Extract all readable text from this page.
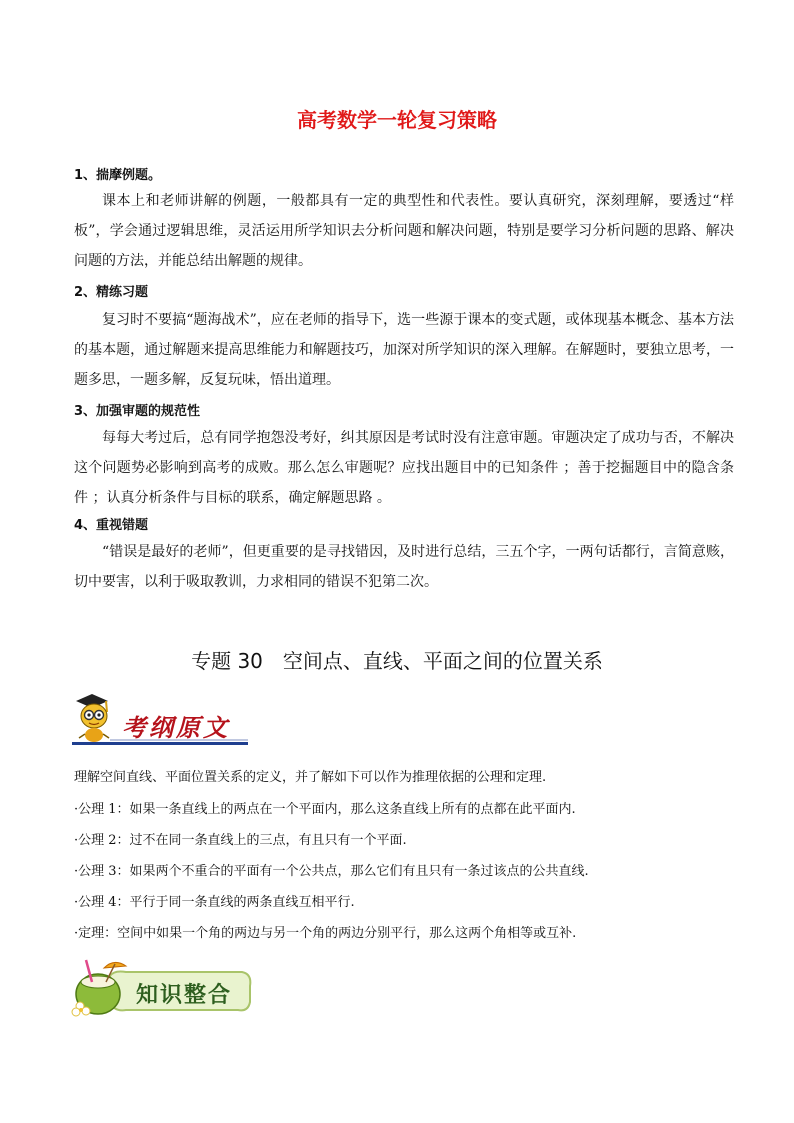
高考数学一轮复习策略
1、揣摩例题。
课本上和老师讲解的例题，一般都具有一定的典型性和代表性。要认真研究，深刻理解，要透过“样板”，学会通过逻辑思维，灵活运用所学知识去分析问题和解决问题，特别是要学习分析问题的思路、解决问题的方法，并能总结出解题的规律。
2、精练习题
复习时不要搞“题海战术”，应在老师的指导下，选一些源于课本的变式题，或体现基本概念、基本方法的基本题，通过解题来提高思维能力和解题技巧，加深对所学知识的深入理解。在解题时，要独立思考，一题多思，一题多解，反复玩味，悟出道理。
3、加强审题的规范性
每每大考过后，总有同学抱怨没考好，纠其原因是考试时没有注意审题。审题决定了成功与否，不解决这个问题势必影响到高考的成败。那么怎么审题呢？应找出题目中的已知条件 ；善于挖掘题目中的隐含条件 ；认真分析条件与目标的联系，确定解题思路 。
4、重视错题
“错误是最好的老师”，但更重要的是寻找错因，及时进行总结，三五个字，一两句话都行，言简意赅，切中要害，以利于吸取教训，力求相同的错误不犯第二次。
专题 30　空间点、直线、平面之间的位置关系
考纲原文
理解空间直线、平面位置关系的定义，并了解如下可以作为推理依据的公理和定理.
·公理 1：如果一条直线上的两点在一个平面内，那么这条直线上所有的点都在此平面内.
·公理 2：过不在同一条直线上的三点，有且只有一个平面.
·公理 3：如果两个不重合的平面有一个公共点，那么它们有且只有一条过该点的公共直线.
·公理 4：平行于同一条直线的两条直线互相平行.
·定理：空间中如果一个角的两边与另一个角的两边分别平行，那么这两个角相等或互补.
知识整合
